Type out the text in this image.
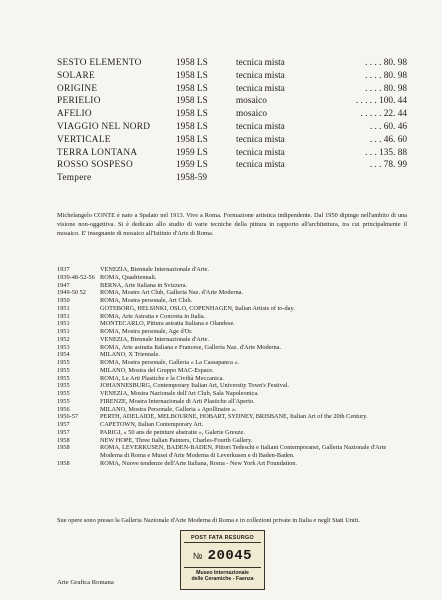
SESTO ELEMENTO	1958 LS	tecnica mista	. . . . 80. 98
SOLARE	1958 LS	tecnica mista	. . . . 80. 98
ORIGINE	1958 LS	tecnica mista	. . . . 80. 98
PERIELIO	1958 LS	mosaico	. . . . . 100. 44
AFELIO	1958 LS	mosaico	. . . . . 22. 44
VIAGGIO NEL NORD	1958 LS	tecnica mista	. . . 60. 46
VERTICALE	1958 LS	tecnica mista	. . . 46. 60
TERRA LONTANA	1959 LS	tecnica mista	. . . 135. 88
ROSSO SOSPESO	1959 LS	tecnica mista	. . . 78. 99
Tempere	1958-59

Michelangelo CONTE è nato a Spalato nel 1913. Vive a Roma. Formazione artistica indipendente. Dal 1950 dipinge nell'ambito di una visione non-oggettiva. Si è dedicato allo studio di varie tecniche della pittura in rapporto all'architettura, tra cui principalmente il mosaico. E' insegnante di mosaico all'Istituto d'Arte di Roma.

1937	VENEZIA, Biennale Internazionale d'Arte.
1939-48-52-56 ROMA, Quadriennali.
1947	BERNA, Arte Italiana in Svizzera.
1949-50 52	ROMA, Mostre Art Club, Galleria Naz. d'Arte Moderna.
1950	ROMA, Mostra personale, Art Club.
1951	GOTEBORG, HELSINKI, OSLO, COPENHAGEN, Italian Artists of to-day.
1951	ROMA, Arte Astratta e Concreta in Italia.
1951	MONTECARLO, Pittura astratta Italiana e Olandese.
1951	ROMA, Mostra personale, Age d'Or.
1952	VENEZIA, Biennale Internazionale d'Arte.
1953	ROMA, Arte astratta Italiana e Francese, Galleria Naz. d'Arte Moderna.
1954	MILANO, X Triennale.
1955	ROMA, Mostra personale, Galleria « La Cassapanca ».
1955	MILANO, Mostra del Gruppo MAC-Espace.
1955	ROMA, Le Arti Plastiche e la Civiltà Meccanica.
1955	JOHANNESBURG, Contemporary Italian Art, University Town's Festival.
1955	VENEZIA, Mostra Nazionale dell'Art Club, Sala Napoleonica.
1955	FIRENZE, Mostra Internazionale di Arti Plastiche all'Aperto.
1956	MILANO, Mostra Personale, Galleria « Apollinaire ».
1956-57	PERTH, ADELAIDE, MELBOURNE, HOBART, SYDNEY, BRISBANE, Italian Art of the 20th Century.
1957	CAPETOWN, Italian Contemporary Art.
1957	PARIGI, « 50 ans de peinture abstraite », Galerie Greuze.
1958	NEW HOPE, Three Italian Painters, Charles-Fourth Gallery.
1958	ROMA, LEVERKUSEN, BADEN-BADEN, Pittori Tedeschi e Italiani Contemporanei, Galleria Nazionale d'Arte Moderna di Roma e Musei d'Arte Moderna di Leverkusen e di Baden-Baden.
1958	ROMA, Nuove tendenze dell'Arte Italiana, Roma - New York Art Foundation.

Sue opere sono presso la Galleria Nazionale d'Arte Moderna di Roma e in collezioni private in Italia e negli Stati Uniti.

Arte Grafica Romana
POST FATA RESURGO
№ 20045
Museo Internazionale
delle Ceramiche - Faenza
